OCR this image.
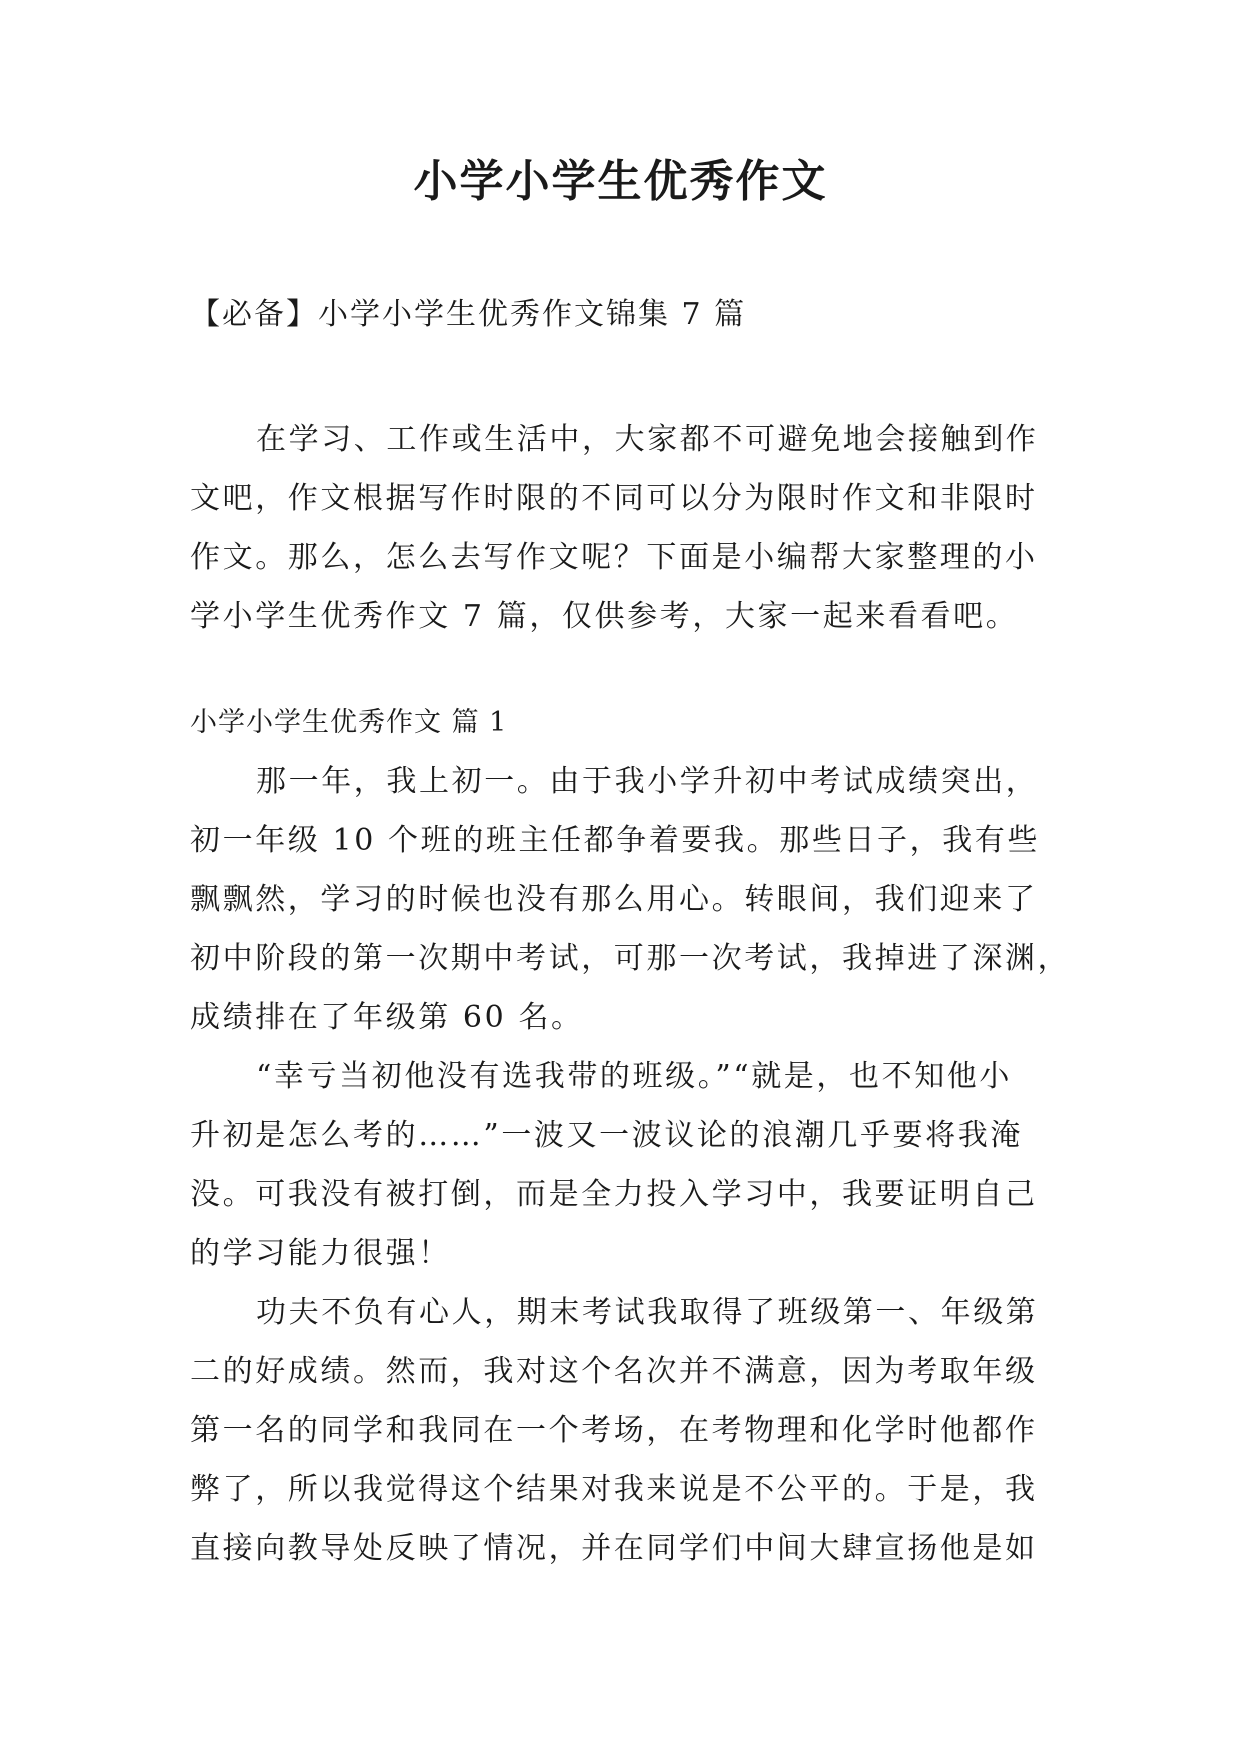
小学小学生优秀作文

【必备】小学小学生优秀作文锦集 7 篇

在学习、工作或生活中，大家都不可避免地会接触到作
文吧，作文根据写作时限的不同可以分为限时作文和非限时
作文。那么，怎么去写作文呢？下面是小编帮大家整理的小
学小学生优秀作文 7 篇，仅供参考，大家一起来看看吧。
小学小学生优秀作文 篇 1
那一年，我上初一。由于我小学升初中考试成绩突出，
初一年级 10 个班的班主任都争着要我。那些日子，我有些
飘飘然，学习的时候也没有那么用心。转眼间，我们迎来了
初中阶段的第一次期中考试，可那一次考试，我掉进了深渊，
成绩排在了年级第 60 名。
“幸亏当初他没有选我带的班级。”“就是，也不知他小
升初是怎么考的……”一波又一波议论的浪潮几乎要将我淹
没。可我没有被打倒，而是全力投入学习中，我要证明自己
的学习能力很强！
功夫不负有心人，期末考试我取得了班级第一、年级第
二的好成绩。然而，我对这个名次并不满意，因为考取年级
第一名的同学和我同在一个考场，在考物理和化学时他都作
弊了，所以我觉得这个结果对我来说是不公平的。于是，我
直接向教导处反映了情况，并在同学们中间大肆宣扬他是如
